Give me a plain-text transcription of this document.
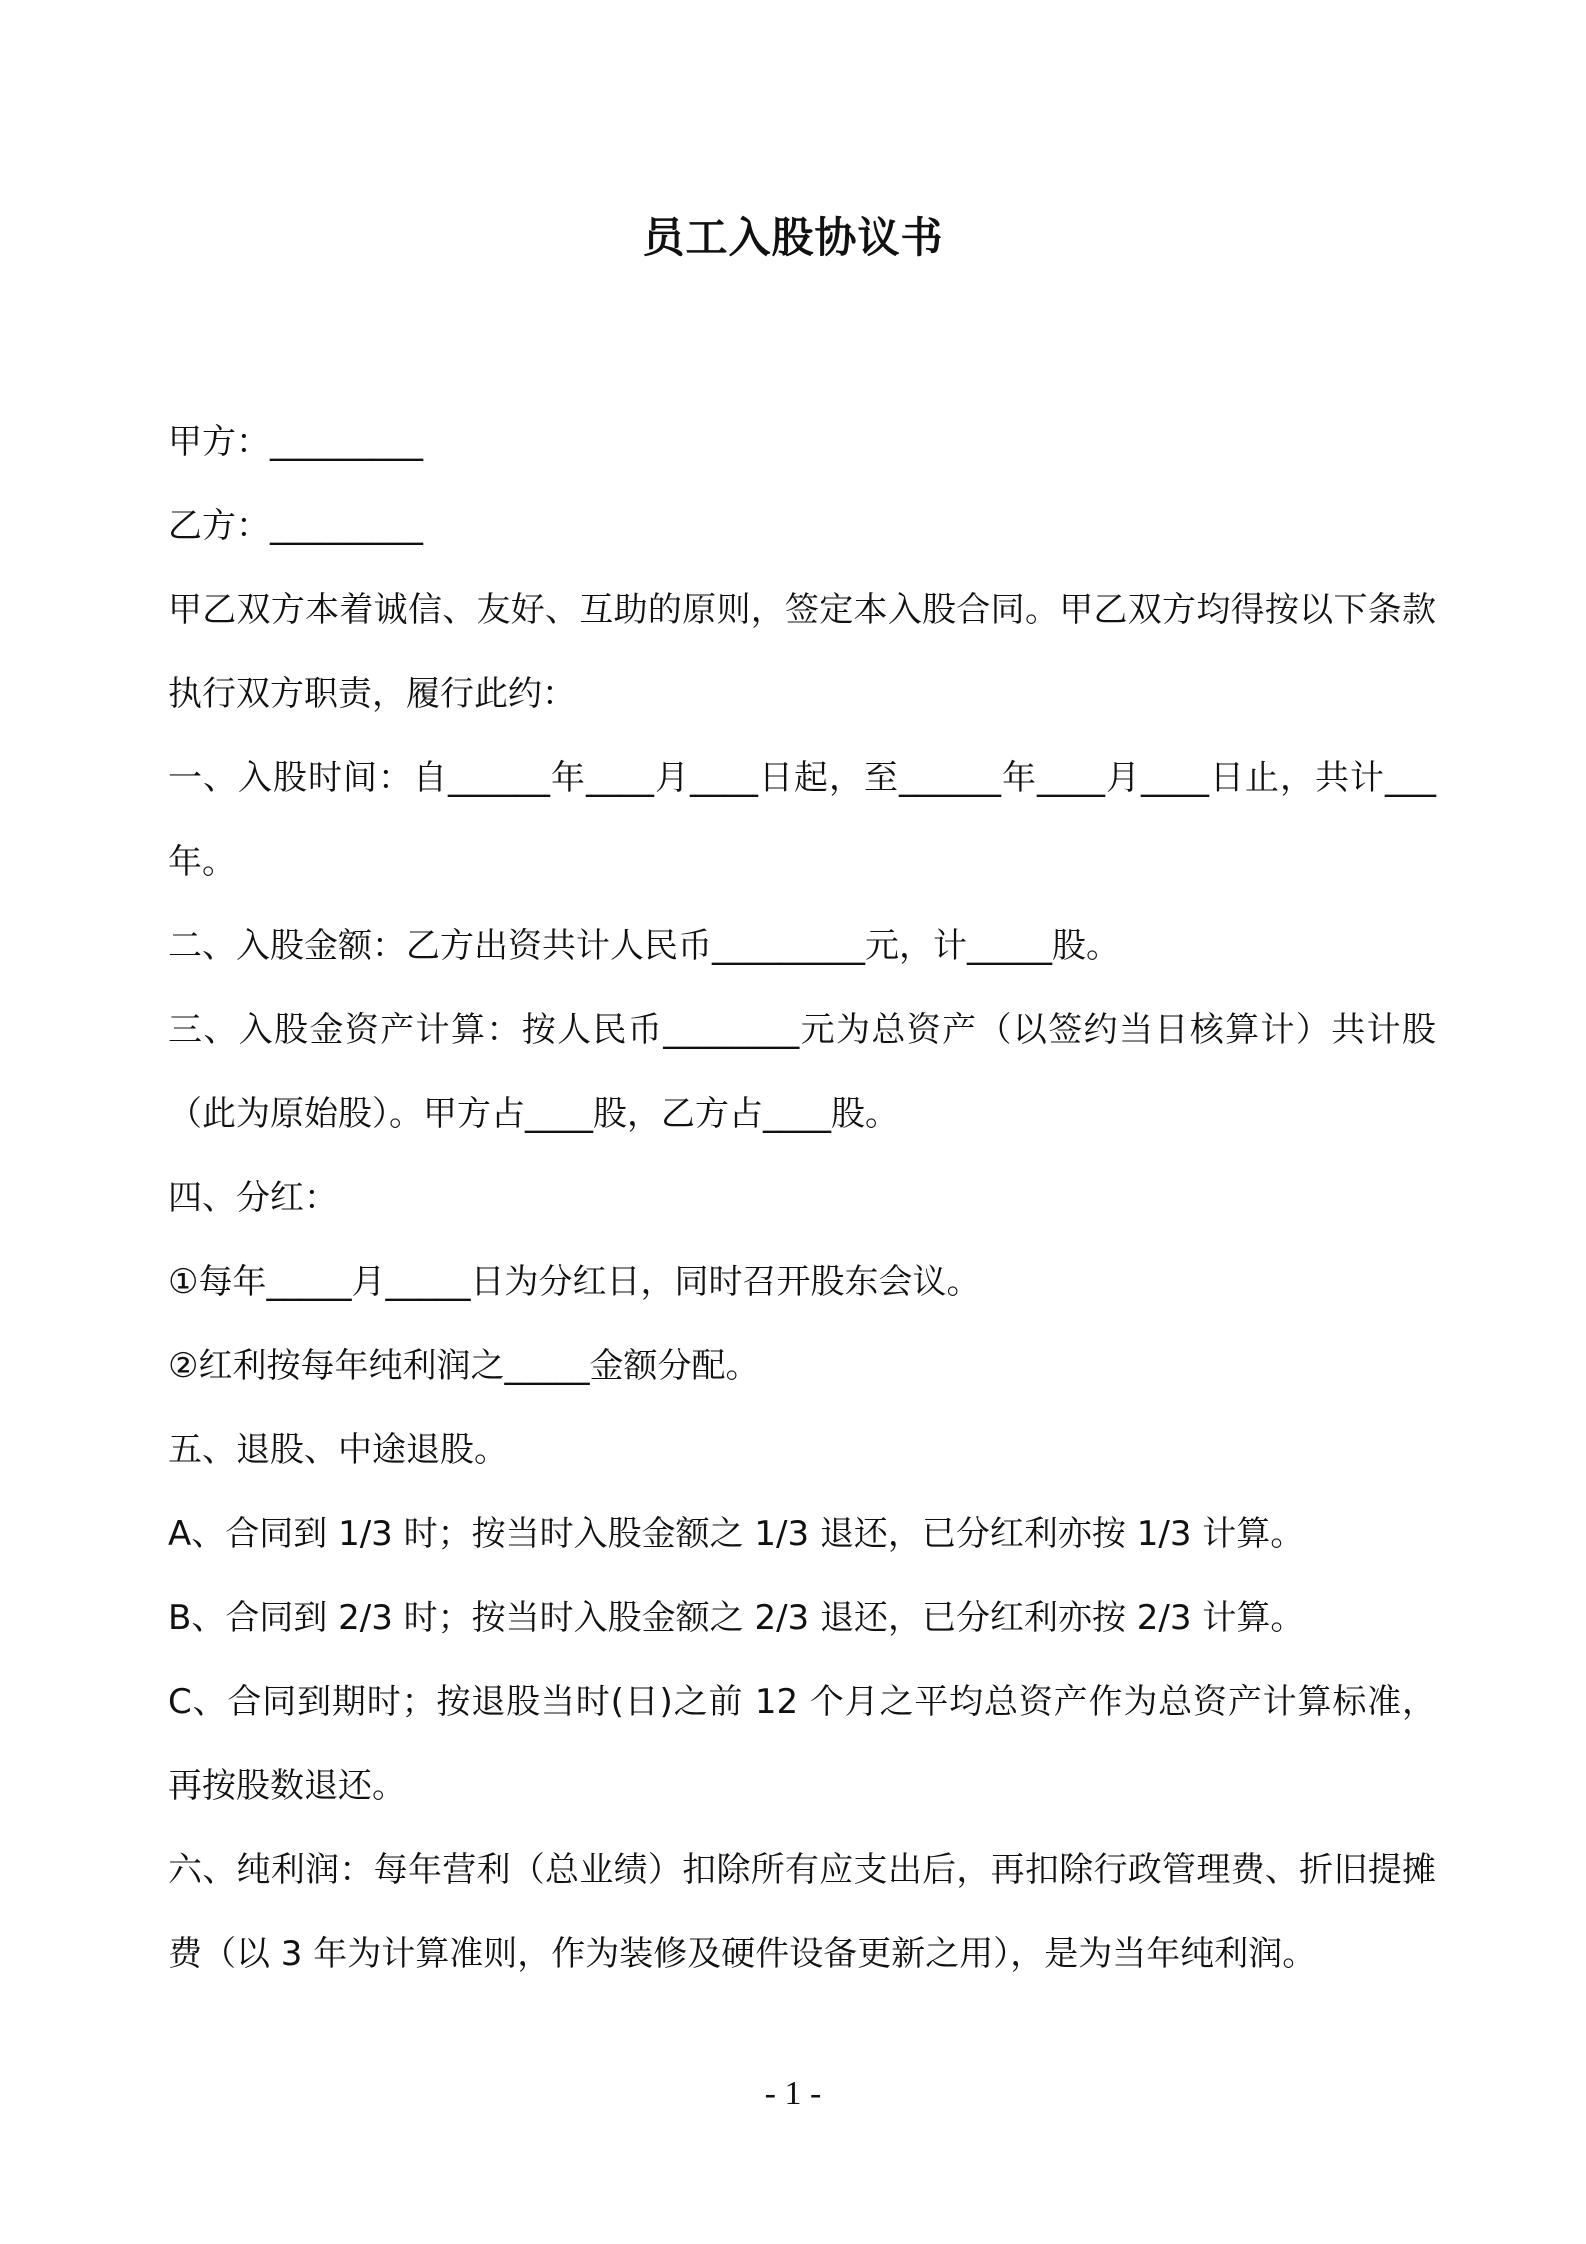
员工入股协议书

甲方：_________

乙方：_________

甲乙双方本着诚信、友好、互助的原则，签定本入股合同。甲乙双方均得按以下条款执行双方职责，履行此约：

一、入股时间：自______年____月____日起，至______年____月____日止，共计___年。

二、入股金额：乙方出资共计人民币_________元，计_____股。

三、入股金资产计算：按人民币________元为总资产（以签约当日核算计）共计股（此为原始股）。甲方占____股，乙方占____股。

四、分红：

①每年_____月_____日为分红日，同时召开股东会议。

②红利按每年纯利润之_____金额分配。

五、退股、中途退股。

A、合同到 1/3 时；按当时入股金额之 1/3 退还，已分红利亦按 1/3 计算。

B、合同到 2/3 时；按当时入股金额之 2/3 退还，已分红利亦按 2/3 计算。

C、合同到期时；按退股当时(日)之前 12 个月之平均总资产作为总资产计算标准，再按股数退还。

六、纯利润：每年营利（总业绩）扣除所有应支出后，再扣除行政管理费、折旧提摊费（以 3 年为计算准则，作为装修及硬件设备更新之用），是为当年纯利润。

- 1 -
